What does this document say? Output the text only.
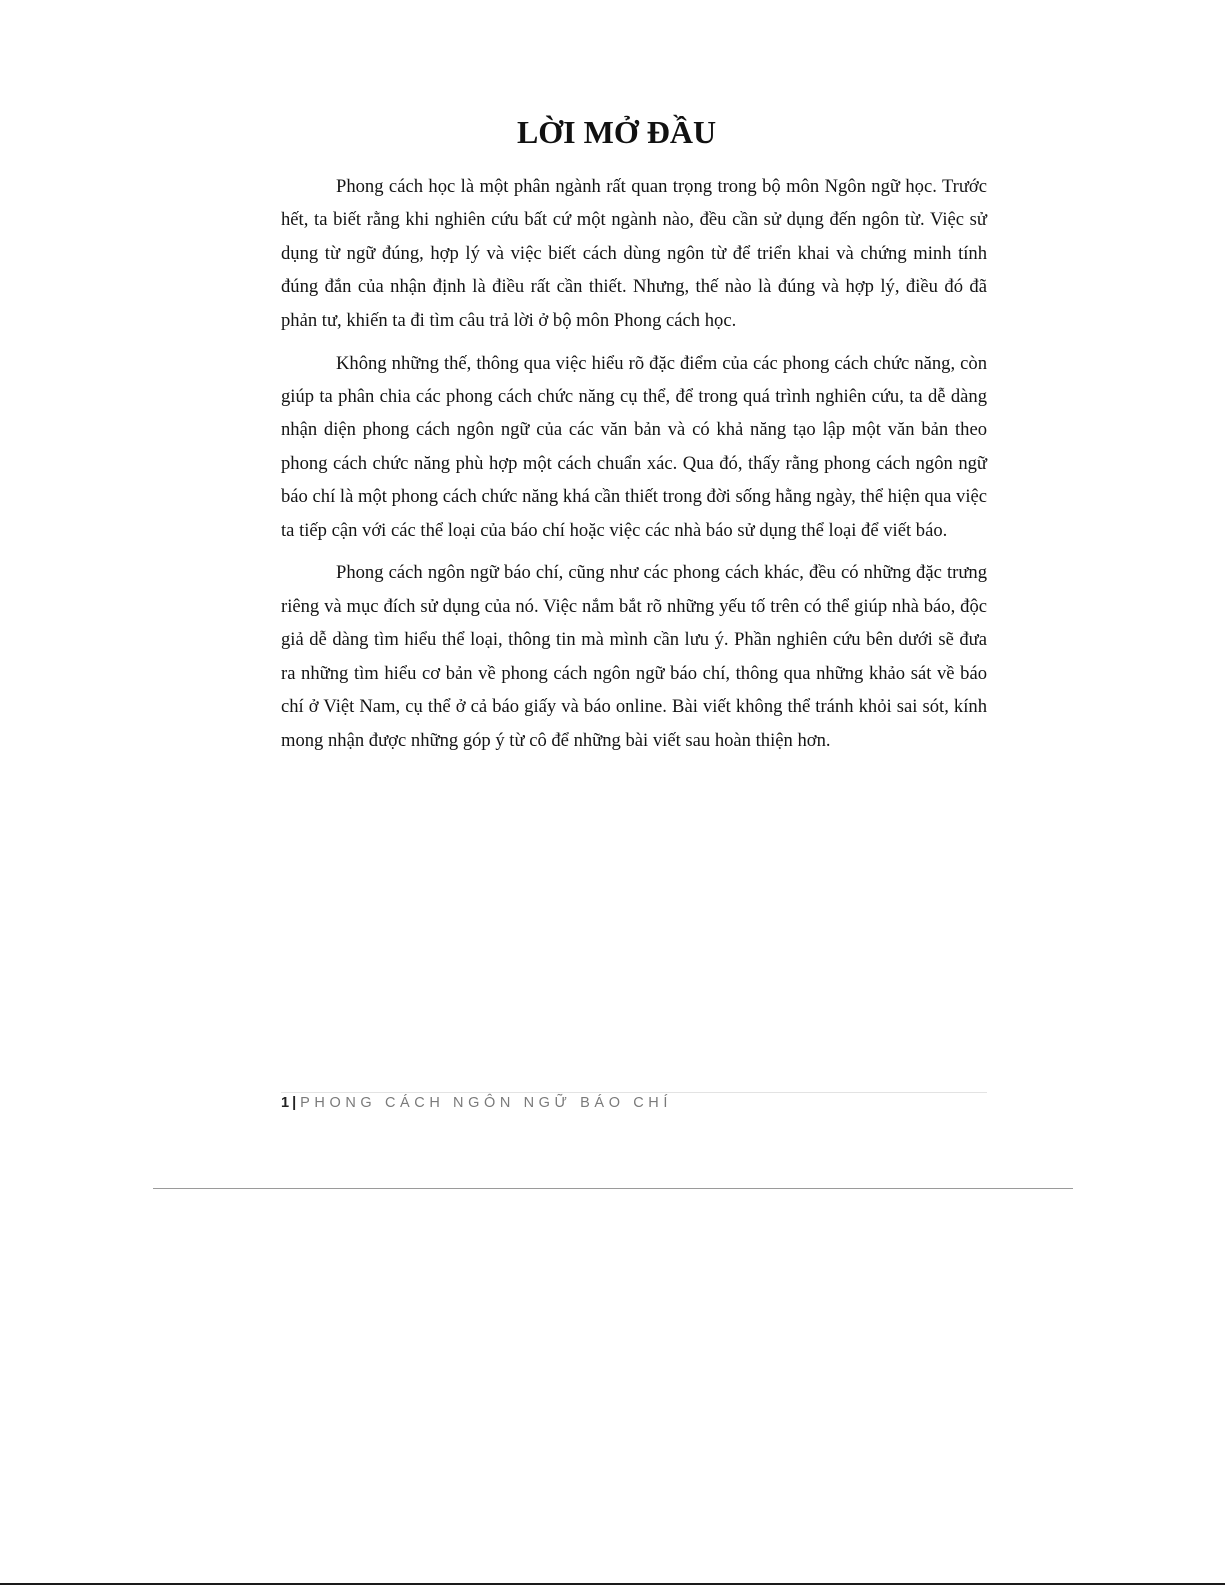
LỜI MỞ ĐẦU

Phong cách học là một phân ngành rất quan trọng trong bộ môn Ngôn ngữ học. Trước hết, ta biết rằng khi nghiên cứu bất cứ một ngành nào, đều cần sử dụng đến ngôn từ. Việc sử dụng từ ngữ đúng, hợp lý và việc biết cách dùng ngôn từ để triển khai và chứng minh tính đúng đắn của nhận định là điều rất cần thiết. Nhưng, thế nào là đúng và hợp lý, điều đó đã phản tư, khiến ta đi tìm câu trả lời ở bộ môn Phong cách học.

Không những thế, thông qua việc hiểu rõ đặc điểm của các phong cách chức năng, còn giúp ta phân chia các phong cách chức năng cụ thể, để trong quá trình nghiên cứu, ta dễ dàng nhận diện phong cách ngôn ngữ của các văn bản và có khả năng tạo lập một văn bản theo phong cách chức năng phù hợp một cách chuẩn xác. Qua đó, thấy rằng phong cách ngôn ngữ báo chí là một phong cách chức năng khá cần thiết trong đời sống hằng ngày, thể hiện qua việc ta tiếp cận với các thể loại của báo chí hoặc việc các nhà báo sử dụng thể loại để viết báo.

Phong cách ngôn ngữ báo chí, cũng như các phong cách khác, đều có những đặc trưng riêng và mục đích sử dụng của nó. Việc nắm bắt rõ những yếu tố trên có thể giúp nhà báo, độc giả dễ dàng tìm hiểu thể loại, thông tin mà mình cần lưu ý. Phần nghiên cứu bên dưới sẽ đưa ra những tìm hiểu cơ bản về phong cách ngôn ngữ báo chí, thông qua những khảo sát về báo chí ở Việt Nam, cụ thể ở cả báo giấy và báo online. Bài viết không thể tránh khỏi sai sót, kính mong nhận được những góp ý từ cô để những bài viết sau hoàn thiện hơn.

1 | PHONG CÁCH NGÔN NGỮ BÁO CHÍ
